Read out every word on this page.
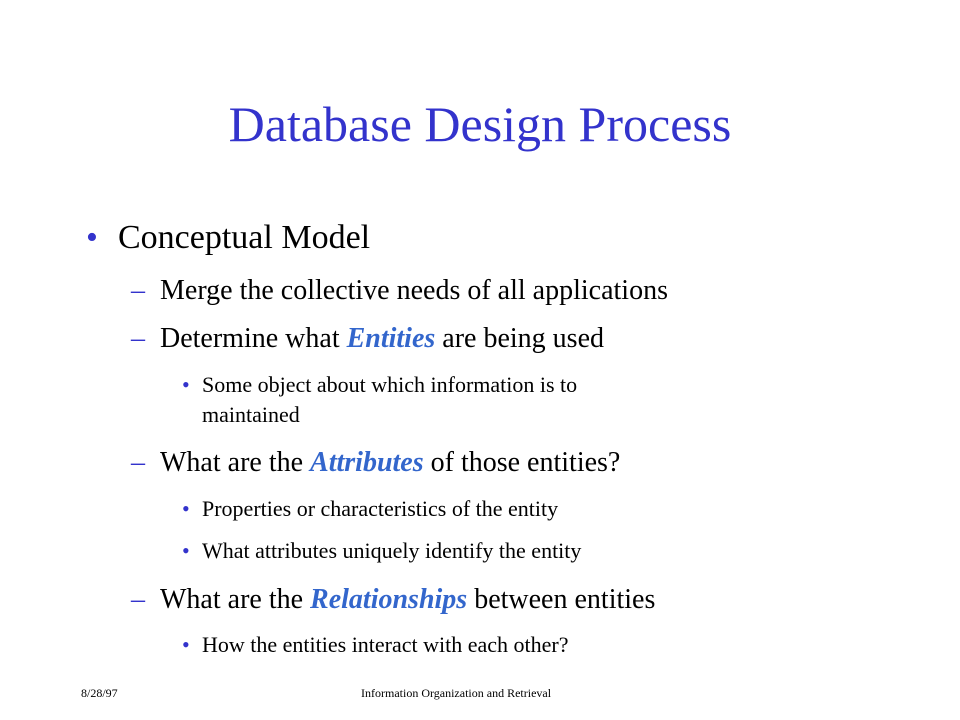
Database Design Process
• Conceptual Model
– Merge the collective needs of all applications
– Determine what Entities are being used
• Some object about which information is to
maintained
– What are the Attributes of those entities?
• Properties or characteristics of the entity
• What attributes uniquely identify the entity
– What are the Relationships between entities
• How the entities interact with each other?
8/28/97	Information Organization and Retrieval
